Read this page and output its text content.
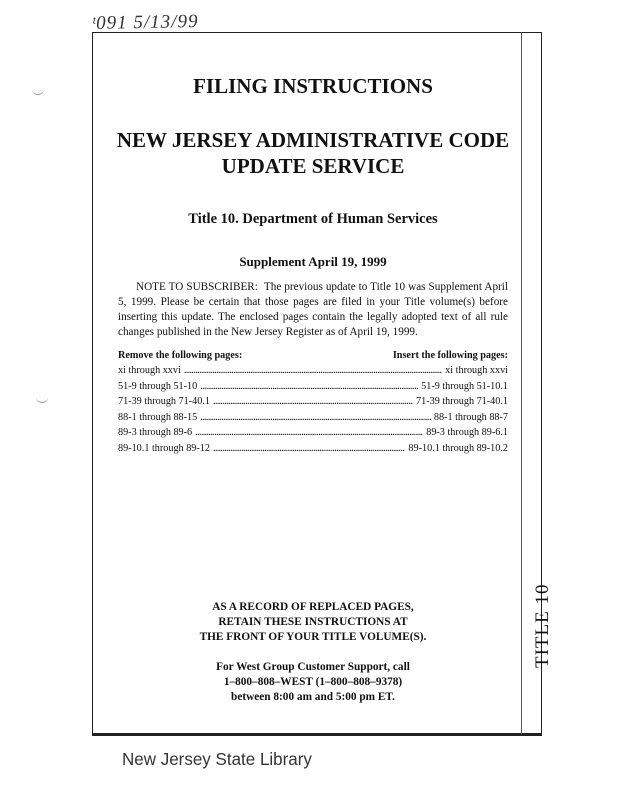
ᵗ091 5/13/99
TITLE 10
FILING INSTRUCTIONS
NEW JERSEY ADMINISTRATIVE CODE
UPDATE SERVICE
Title 10. Department of Human Services
Supplement April 19, 1999
NOTE TO SUBSCRIBER: The previous update to Title 10 was Supplement April 5, 1999. Please be certain that those pages are filed in your Title volume(s) before inserting this update. The enclosed pages contain the legally adopted text of all rule changes published in the New Jersey Register as of April 19, 1999.
Remove the following pages:	Insert the following pages:
xi through xxvi . . .	xi through xxvi
51-9 through 51-10 . . .	51-9 through 51-10.1
71-39 through 71-40.1 . . .	71-39 through 71-40.1
88-1 through 88-15 . . .	88-1 through 88-7
89-3 through 89-6 . . .	89-3 through 89-6.1
89-10.1 through 89-12 . . .	89-10.1 through 89-10.2
AS A RECORD OF REPLACED PAGES,
RETAIN THESE INSTRUCTIONS AT
THE FRONT OF YOUR TITLE VOLUME(S).
For West Group Customer Support, call
1–800–808–WEST (1–800–808–9378)
between 8:00 am and 5:00 pm ET.
New Jersey State Library
